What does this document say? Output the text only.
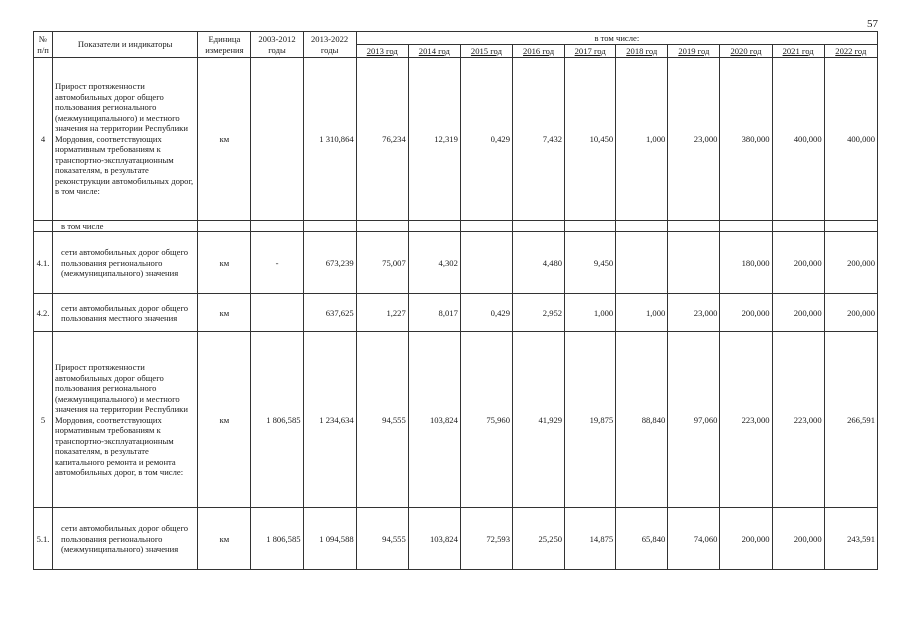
57
№ п/п	Показатели и индикаторы	Единица измерения	2003-2012 годы	2013-2022 годы	в том числе:									
					2013 год	2014 год	2015 год	2016 год	2017 год	2018 год	2019 год	2020 год	2021 год	2022 год
4	Прирост протяженности автомобильных дорог общего пользования регионального (межмуниципального) и местного значения на территории Республики Мордовия, соответствующих нормативным требованиям к транспортно-эксплуатационным показателям, в результате реконструкции автомобильных дорог, в том числе:	км		1 310,864	76,234	12,319	0,429	7,432	10,450	1,000	23,000	380,000	400,000	400,000
	в том числе													
4.1.	сети автомобильных дорог общего пользования регионального (межмуниципального) значения	км	-	673,239	75,007	4,302		4,480	9,450			180,000	200,000	200,000
4.2.	сети автомобильных дорог общего пользования местного значения	км		637,625	1,227	8,017	0,429	2,952	1,000	1,000	23,000	200,000	200,000	200,000
5	Прирост протяженности автомобильных дорог общего пользования регионального (межмуниципального) и местного значения на территории Республики Мордовия, соответствующих нормативным требованиям к транспортно-эксплуатационным показателям, в результате капитального ремонта и ремонта автомобильных дорог, в том числе:	км	1 806,585	1 234,634	94,555	103,824	75,960	41,929	19,875	88,840	97,060	223,000	223,000	266,591
5.1.	сети автомобильных дорог общего пользования регионального (межмуниципального) значения	км	1 806,585	1 094,588	94,555	103,824	72,593	25,250	14,875	65,840	74,060	200,000	200,000	243,591
